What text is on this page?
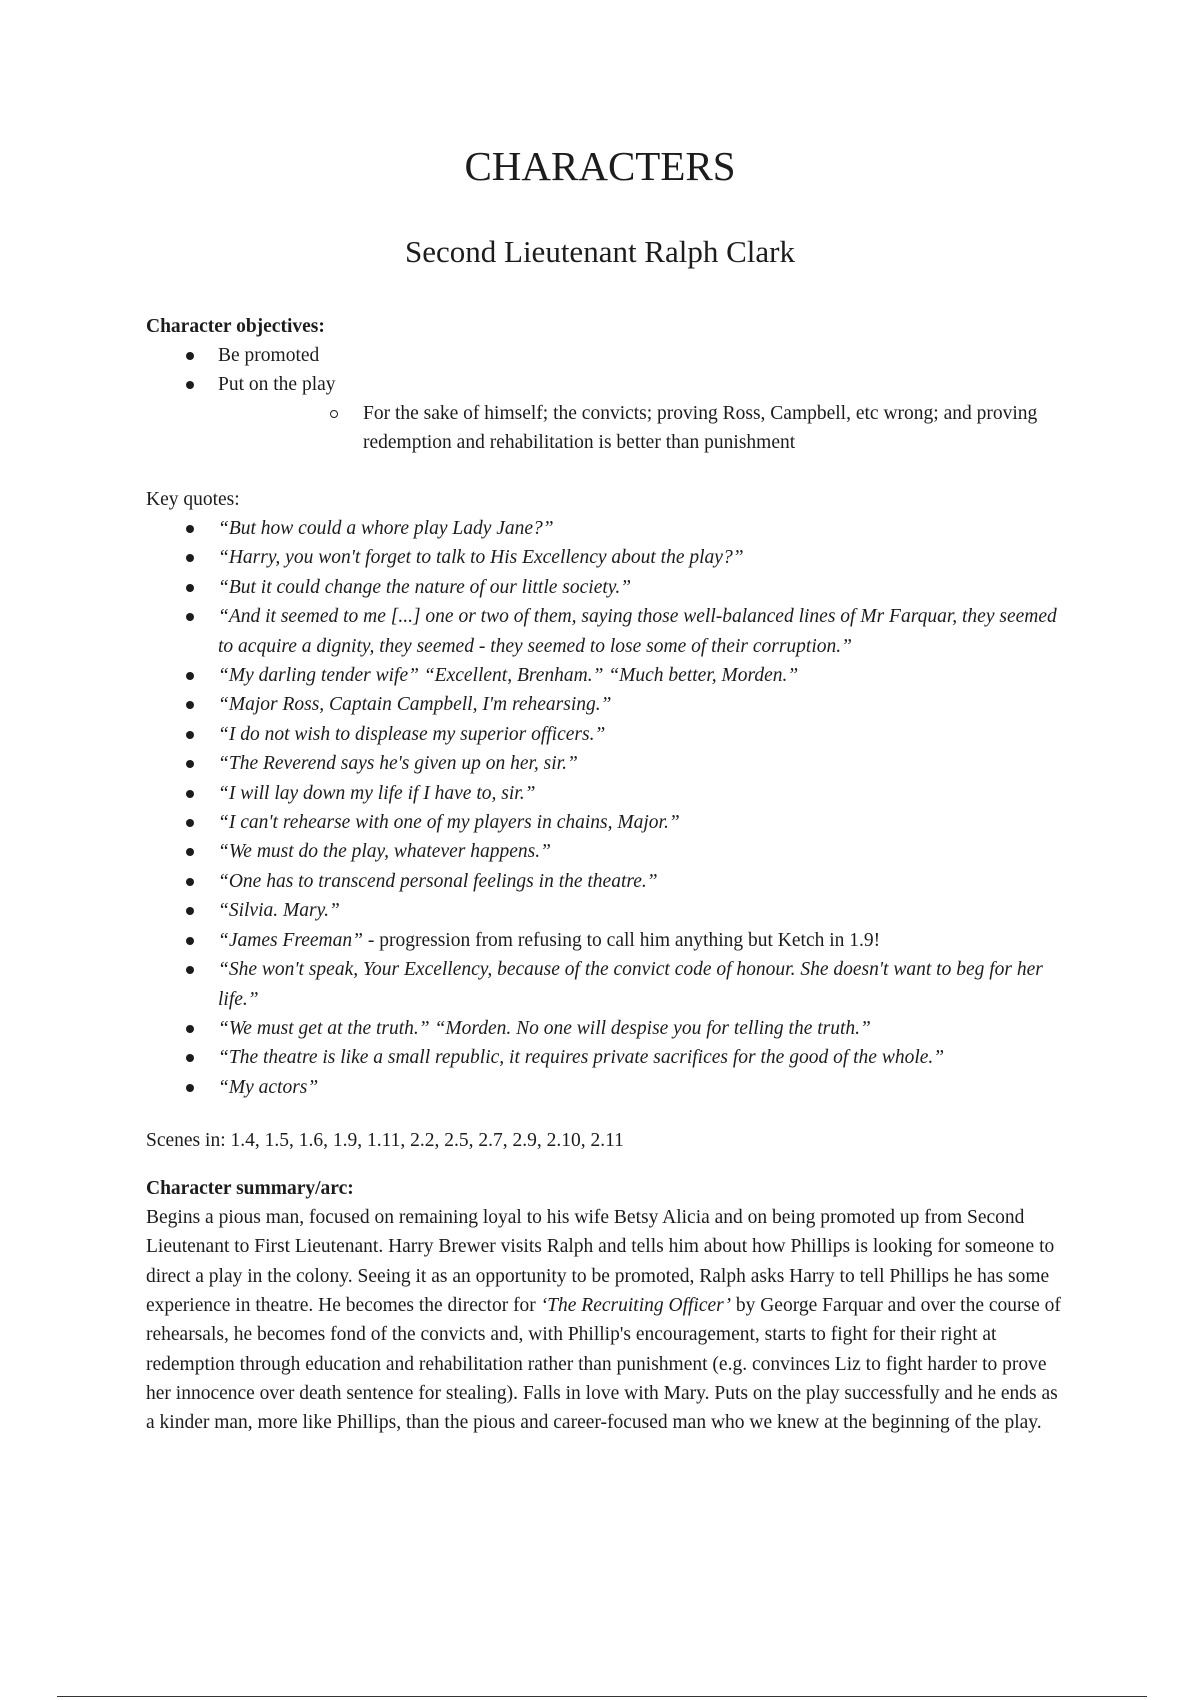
CHARACTERS
Second Lieutenant Ralph Clark
Character objectives:
Be promoted
Put on the play
For the sake of himself; the convicts; proving Ross, Campbell, etc wrong; and proving redemption and rehabilitation is better than punishment
Key quotes:
“But how could a whore play Lady Jane?”
“Harry, you won't forget to talk to His Excellency about the play?”
“But it could change the nature of our little society.”
“And it seemed to me [...] one or two of them, saying those well-balanced lines of Mr Farquar, they seemed to acquire a dignity, they seemed - they seemed to lose some of their corruption.”
“My darling tender wife” “Excellent, Brenham.” “Much better, Morden.”
“Major Ross, Captain Campbell, I'm rehearsing.”
“I do not wish to displease my superior officers.”
“The Reverend says he's given up on her, sir.”
“I will lay down my life if I have to, sir.”
“I can't rehearse with one of my players in chains, Major.”
“We must do the play, whatever happens.”
“One has to transcend personal feelings in the theatre.”
“Silvia. Mary.”
“James Freeman” - progression from refusing to call him anything but Ketch in 1.9!
“She won't speak, Your Excellency, because of the convict code of honour. She doesn't want to beg for her life.”
“We must get at the truth.” “Morden. No one will despise you for telling the truth.”
“The theatre is like a small republic, it requires private sacrifices for the good of the whole.”
“My actors”
Scenes in: 1.4, 1.5, 1.6, 1.9, 1.11, 2.2, 2.5, 2.7, 2.9, 2.10, 2.11
Character summary/arc:

Begins a pious man, focused on remaining loyal to his wife Betsy Alicia and on being promoted up from Second Lieutenant to First Lieutenant. Harry Brewer visits Ralph and tells him about how Phillips is looking for someone to direct a play in the colony. Seeing it as an opportunity to be promoted, Ralph asks Harry to tell Phillips he has some experience in theatre. He becomes the director for ‘The Recruiting Officer’ by George Farquar and over the course of rehearsals, he becomes fond of the convicts and, with Phillip's encouragement, starts to fight for their right at redemption through education and rehabilitation rather than punishment (e.g. convinces Liz to fight harder to prove her innocence over death sentence for stealing). Falls in love with Mary. Puts on the play successfully and he ends as a kinder man, more like Phillips, than the pious and career-focused man who we knew at the beginning of the play.
